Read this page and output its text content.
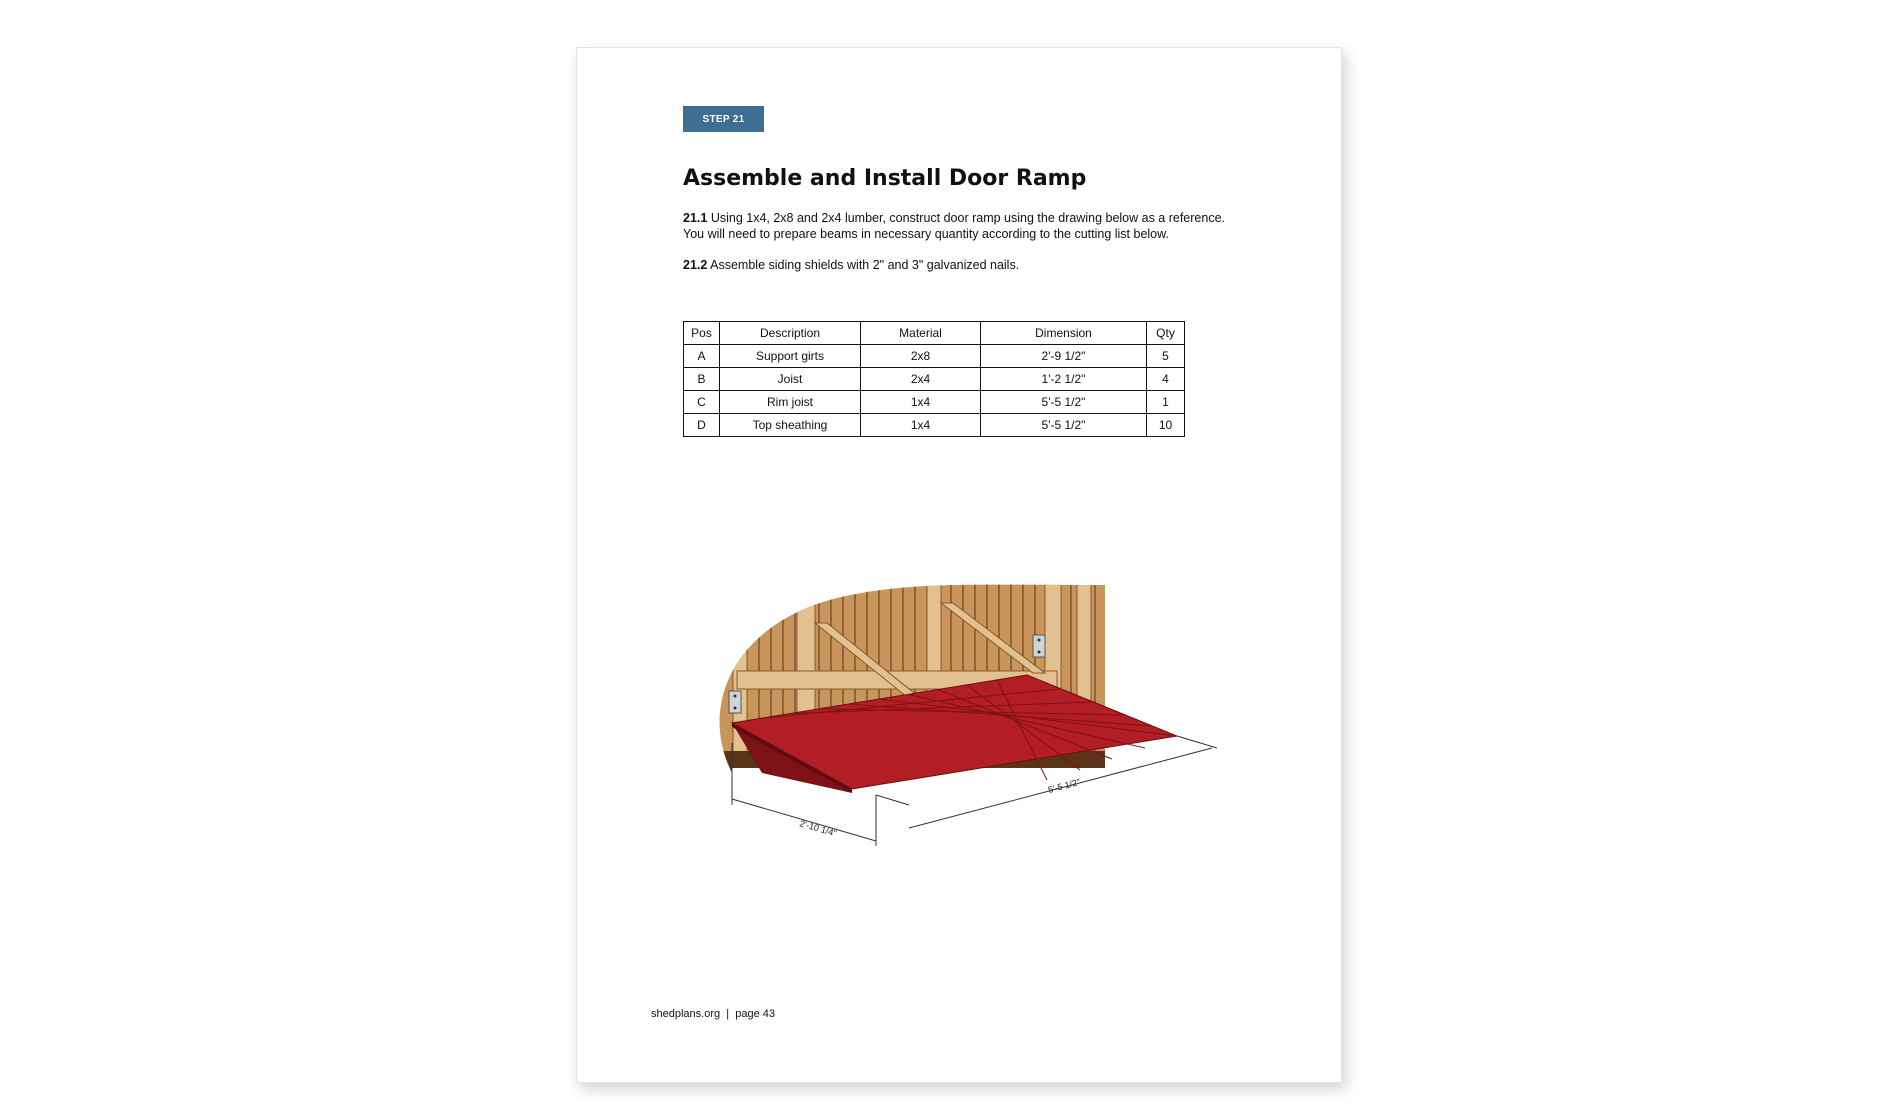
STEP 21
Assemble and Install Door Ramp

21.1 Using 1x4, 2x8 and 2x4 lumber, construct door ramp using the drawing below as a reference.
You will need to prepare beams in necessary quantity according to the cutting list below.

21.2 Assemble siding shields with 2" and 3" galvanized nails.

Pos	Description	Material	Dimension	Qty
A	Support girts	2x8	2'-9 1/2"	5
B	Joist	2x4	1'-2 1/2"	4
C	Rim joist	1x4	5'-5 1/2"	1
D	Top sheathing	1x4	5'-5 1/2"	10
2'-10 1/4"
5'-5 1/2"
shedplans.org | page 43
